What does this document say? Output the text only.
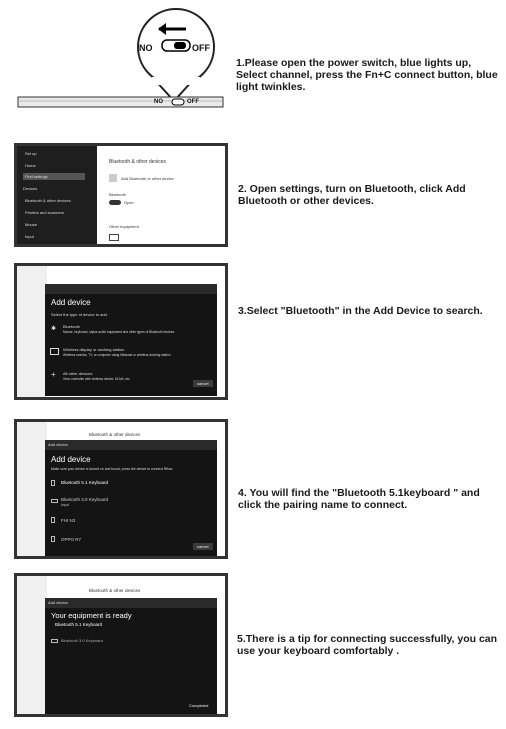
NO	OFF
NO	OFF
1.Please open the power switch, blue lights up, Select channel, press the Fn+C connect button, blue light twinkles.
Set up
Home
Find settings
Devices
Bluetooth & other devices
Printers and scanners
Mouse
Input
Bluetooth & other devices
Add Bluetooth or other device
Bluetooth
Open
Other equipment
2. Open settings, turn on Bluetooth, click Add Bluetooth or other devices.
Add device
Select the type of device to add
✱ Bluetooth
Mouse, keyboard, stylus audio equipment and other types of Bluetooth devices.
Wireless display or docking station
Wireless monitor, TV, or computer using Miracast or wireless docking station
+ All other devices
Xbox controller with wireless device, DLNA, etc
cancel
3.Select "Bluetooth" in the Add Device to search.
Bluetooth & other devices
Add device
Add device
Make sure your device is turned on and found, press the device to connect Rflow
Bluetooth 5.1 Keyboard
Bluetooth 3.0 Keyboard
Input
FHI N3
OPPO R7
cancel
4. You will find the "Bluetooth 5.1keyboard " and click the pairing name to connect.
Bluetooth & other devices
Add device
Your equipment is ready
Bluetooth 5.1 Keyboard
Bluetooth 3.0 Keyboard
Completed
5.There is a tip for connecting successfully, you can use your keyboard comfortably .
